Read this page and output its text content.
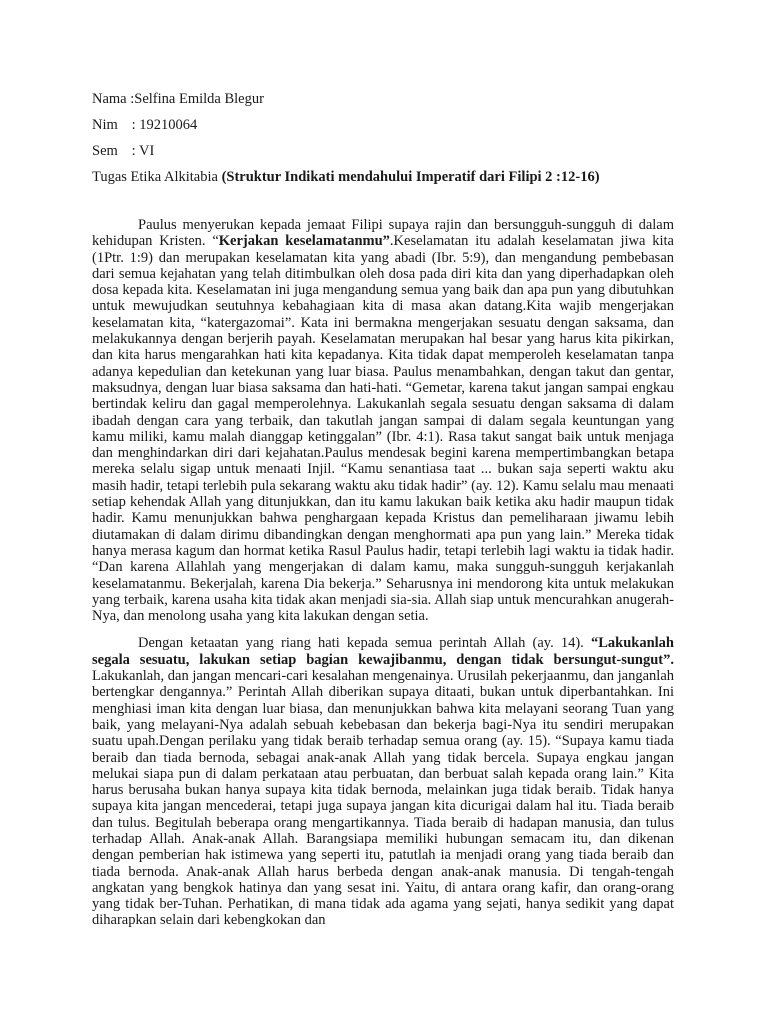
Nama :Selfina Emilda Blegur
Nim : 19210064
Sem : VI
Tugas Etika Alkitabia (Struktur Indikati mendahului Imperatif dari Filipi 2 :12-16)

Paulus menyerukan kepada jemaat Filipi supaya rajin dan bersungguh-sungguh di dalam kehidupan Kristen. “Kerjakan keselamatanmu”.Keselamatan itu adalah keselamatan jiwa kita (1Ptr. 1:9) dan merupakan keselamatan kita yang abadi (Ibr. 5:9), dan mengandung pembebasan dari semua kejahatan yang telah ditimbulkan oleh dosa pada diri kita dan yang diperhadapkan oleh dosa kepada kita. Keselamatan ini juga mengandung semua yang baik dan apa pun yang dibutuhkan untuk mewujudkan seutuhnya kebahagiaan kita di masa akan datang.Kita wajib mengerjakan keselamatan kita, “katergazomai”. Kata ini bermakna mengerjakan sesuatu dengan saksama, dan melakukannya dengan berjerih payah. Keselamatan merupakan hal besar yang harus kita pikirkan, dan kita harus mengarahkan hati kita kepadanya. Kita tidak dapat memperoleh keselamatan tanpa adanya kepedulian dan ketekunan yang luar biasa. Paulus menambahkan, dengan takut dan gentar, maksudnya, dengan luar biasa saksama dan hati-hati. “Gemetar, karena takut jangan sampai engkau bertindak keliru dan gagal memperolehnya. Lakukanlah segala sesuatu dengan saksama di dalam ibadah dengan cara yang terbaik, dan takutlah jangan sampai di dalam segala keuntungan yang kamu miliki, kamu malah dianggap ketinggalan” (Ibr. 4:1). Rasa takut sangat baik untuk menjaga dan menghindarkan diri dari kejahatan.Paulus mendesak begini karena mempertimbangkan betapa mereka selalu sigap untuk menaati Injil. “Kamu senantiasa taat ... bukan saja seperti waktu aku masih hadir, tetapi terlebih pula sekarang waktu aku tidak hadir” (ay. 12). Kamu selalu mau menaati setiap kehendak Allah yang ditunjukkan, dan itu kamu lakukan baik ketika aku hadir maupun tidak hadir. Kamu menunjukkan bahwa penghargaan kepada Kristus dan pemeliharaan jiwamu lebih diutamakan di dalam dirimu dibandingkan dengan menghormati apa pun yang lain.” Mereka tidak hanya merasa kagum dan hormat ketika Rasul Paulus hadir, tetapi terlebih lagi waktu ia tidak hadir. “Dan karena Allahlah yang mengerjakan di dalam kamu, maka sungguh-sungguh kerjakanlah keselamatanmu. Bekerjalah, karena Dia bekerja.” Seharusnya ini mendorong kita untuk melakukan yang terbaik, karena usaha kita tidak akan menjadi sia-sia. Allah siap untuk mencurahkan anugerah-Nya, dan menolong usaha yang kita lakukan dengan setia.

Dengan ketaatan yang riang hati kepada semua perintah Allah (ay. 14). “Lakukanlah segala sesuatu, lakukan setiap bagian kewajibanmu, dengan tidak bersungut-sungut”. Lakukanlah, dan jangan mencari-cari kesalahan mengenainya. Urusilah pekerjaanmu, dan janganlah bertengkar dengannya.” Perintah Allah diberikan supaya ditaati, bukan untuk diperbantahkan. Ini menghiasi iman kita dengan luar biasa, dan menunjukkan bahwa kita melayani seorang Tuan yang baik, yang melayani-Nya adalah sebuah kebebasan dan bekerja bagi-Nya itu sendiri merupakan suatu upah.Dengan perilaku yang tidak beraib terhadap semua orang (ay. 15). “Supaya kamu tiada beraib dan tiada bernoda, sebagai anak-anak Allah yang tidak bercela. Supaya engkau jangan melukai siapa pun di dalam perkataan atau perbuatan, dan berbuat salah kepada orang lain.” Kita harus berusaha bukan hanya supaya kita tidak bernoda, melainkan juga tidak beraib. Tidak hanya supaya kita jangan mencederai, tetapi juga supaya jangan kita dicurigai dalam hal itu. Tiada beraib dan tulus. Begitulah beberapa orang mengartikannya. Tiada beraib di hadapan manusia, dan tulus terhadap Allah. Anak-anak Allah. Barangsiapa memiliki hubungan semacam itu, dan dikenan dengan pemberian hak istimewa yang seperti itu, patutlah ia menjadi orang yang tiada beraib dan tiada bernoda. Anak-anak Allah harus berbeda dengan anak-anak manusia. Di tengah-tengah angkatan yang bengkok hatinya dan yang sesat ini. Yaitu, di antara orang kafir, dan orang-orang yang tidak ber-Tuhan. Perhatikan, di mana tidak ada agama yang sejati, hanya sedikit yang dapat diharapkan selain dari kebengkokan dan
